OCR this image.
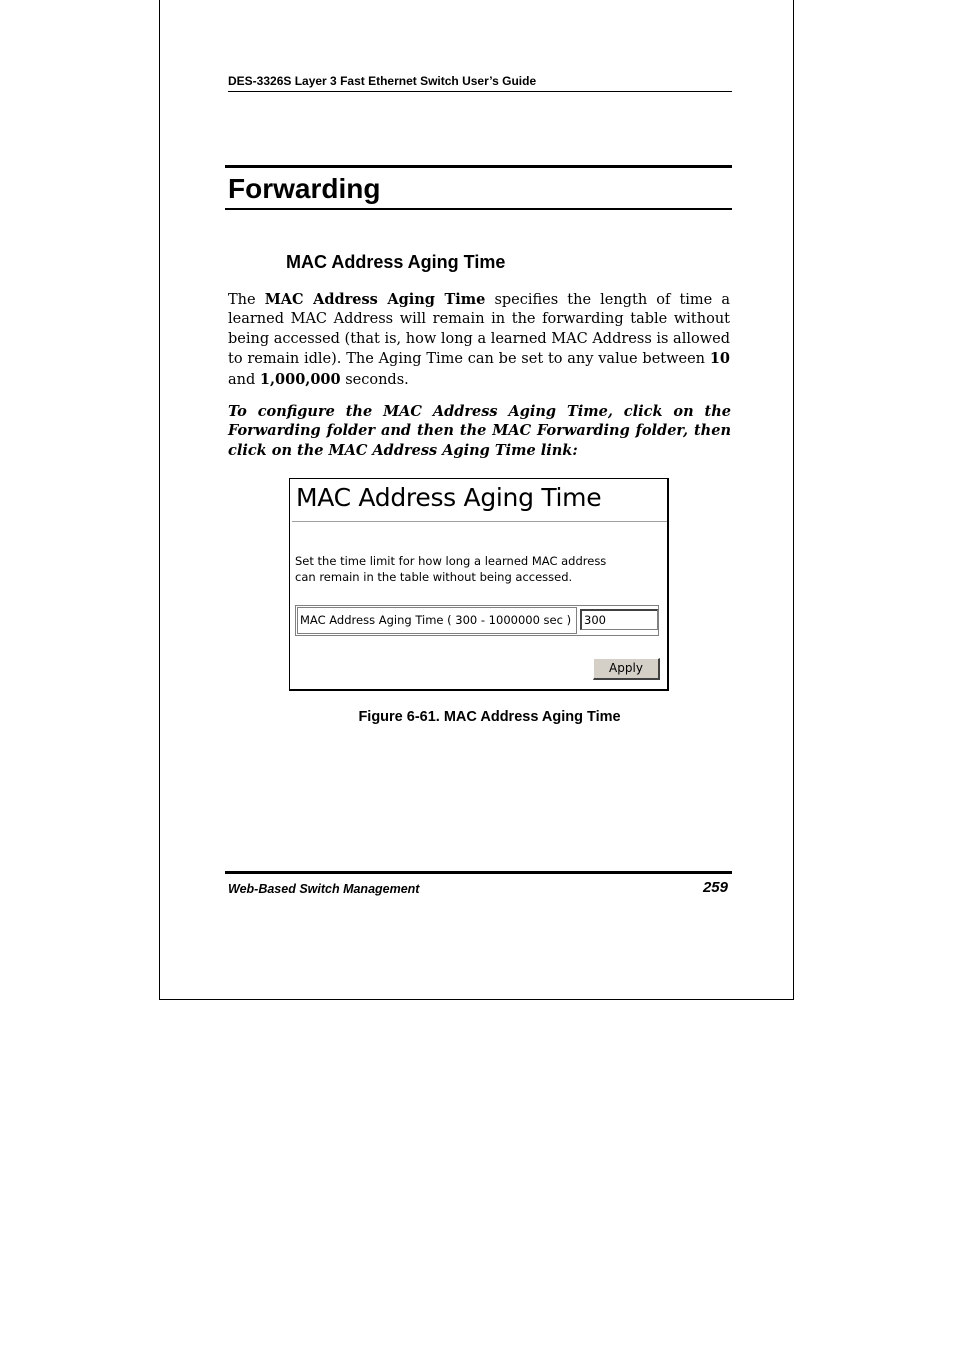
DES-3326S Layer 3 Fast Ethernet Switch User’s Guide
Forwarding
MAC Address Aging Time

The MAC Address Aging Time specifies the length of time a learned MAC Address will remain in the forwarding table without being accessed (that is, how long a learned MAC Address is allowed to remain idle). The Aging Time can be set to any value between 10 and 1,000,000 seconds.

To configure the MAC Address Aging Time, click on the Forwarding folder and then the MAC Forwarding folder, then click on the MAC Address Aging Time link:

MAC Address Aging Time
Set the time limit for how long a learned MAC address
can remain in the table without being accessed.
MAC Address Aging Time ( 300 - 1000000 sec )
300
Apply
Figure 6-61. MAC Address Aging Time
Web-Based Switch Management	259
